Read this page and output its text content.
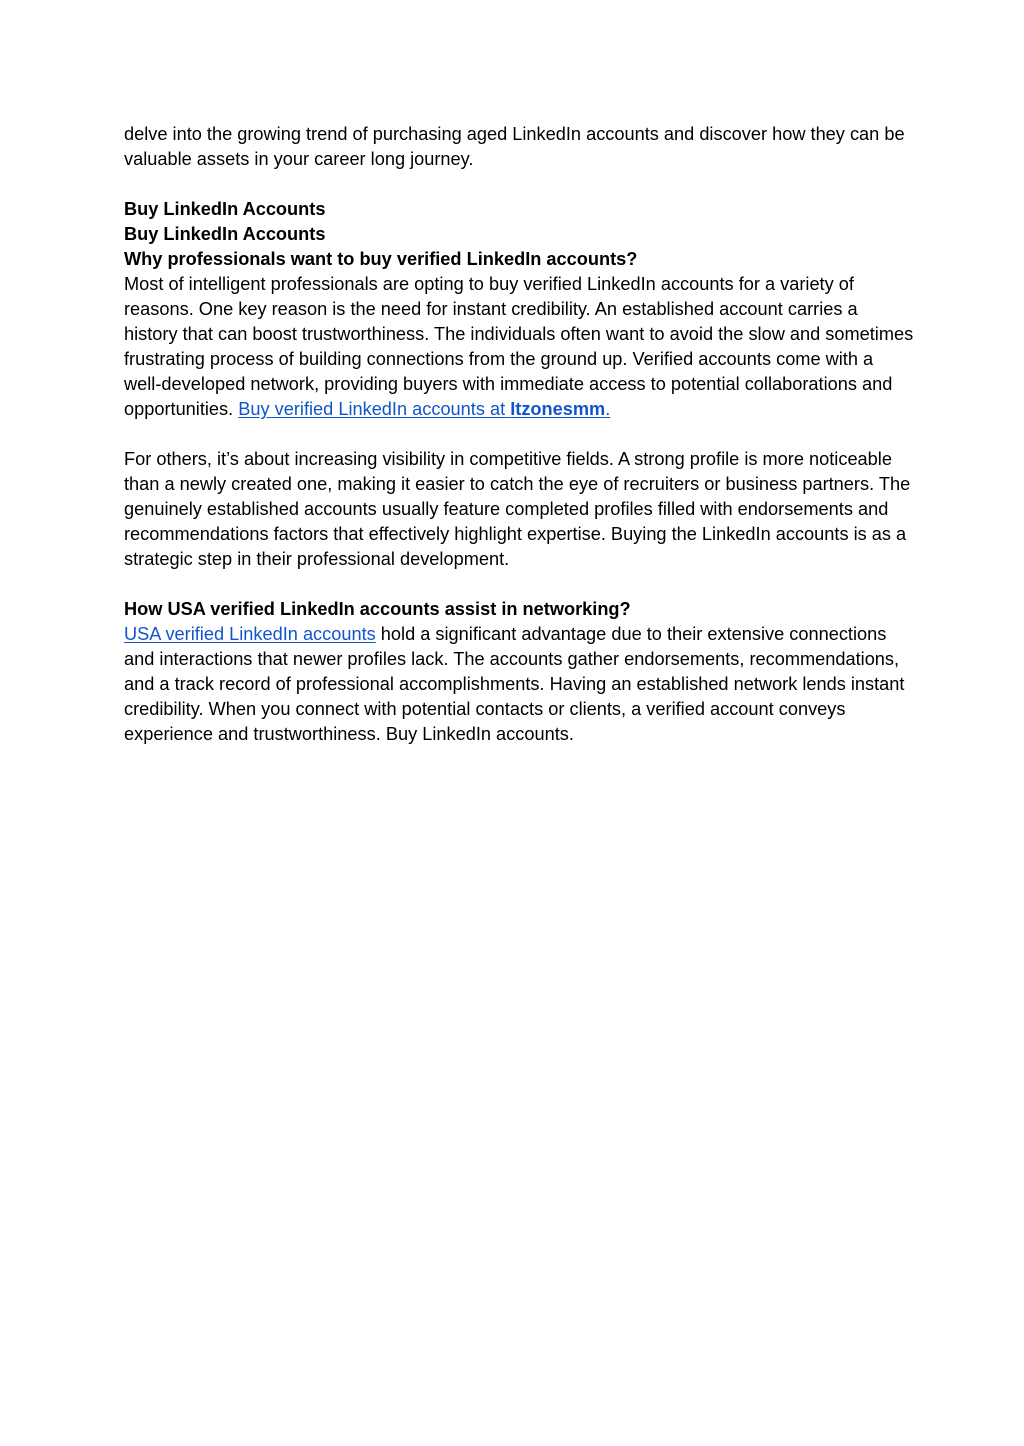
delve into the growing trend of purchasing aged LinkedIn accounts and discover how they can be valuable assets in your career long journey.

Buy LinkedIn Accounts

Buy LinkedIn Accounts

Why professionals want to buy verified LinkedIn accounts?

Most of intelligent professionals are opting to buy verified LinkedIn accounts for a variety of reasons. One key reason is the need for instant credibility. An established account carries a history that can boost trustworthiness. The individuals often want to avoid the slow and sometimes frustrating process of building connections from the ground up. Verified accounts come with a well-developed network, providing buyers with immediate access to potential collaborations and opportunities. Buy verified LinkedIn accounts at Itzonesmm.

For others, it’s about increasing visibility in competitive fields. A strong profile is more noticeable than a newly created one, making it easier to catch the eye of recruiters or business partners. The genuinely established accounts usually feature completed profiles filled with endorsements and recommendations factors that effectively highlight expertise. Buying the LinkedIn accounts is as a strategic step in their professional development.

How USA verified LinkedIn accounts assist in networking?

USA verified LinkedIn accounts hold a significant advantage due to their extensive connections and interactions that newer profiles lack. The accounts gather endorsements, recommendations, and a track record of professional accomplishments. Having an established network lends instant credibility. When you connect with potential contacts or clients, a verified account conveys experience and trustworthiness. Buy LinkedIn accounts.
